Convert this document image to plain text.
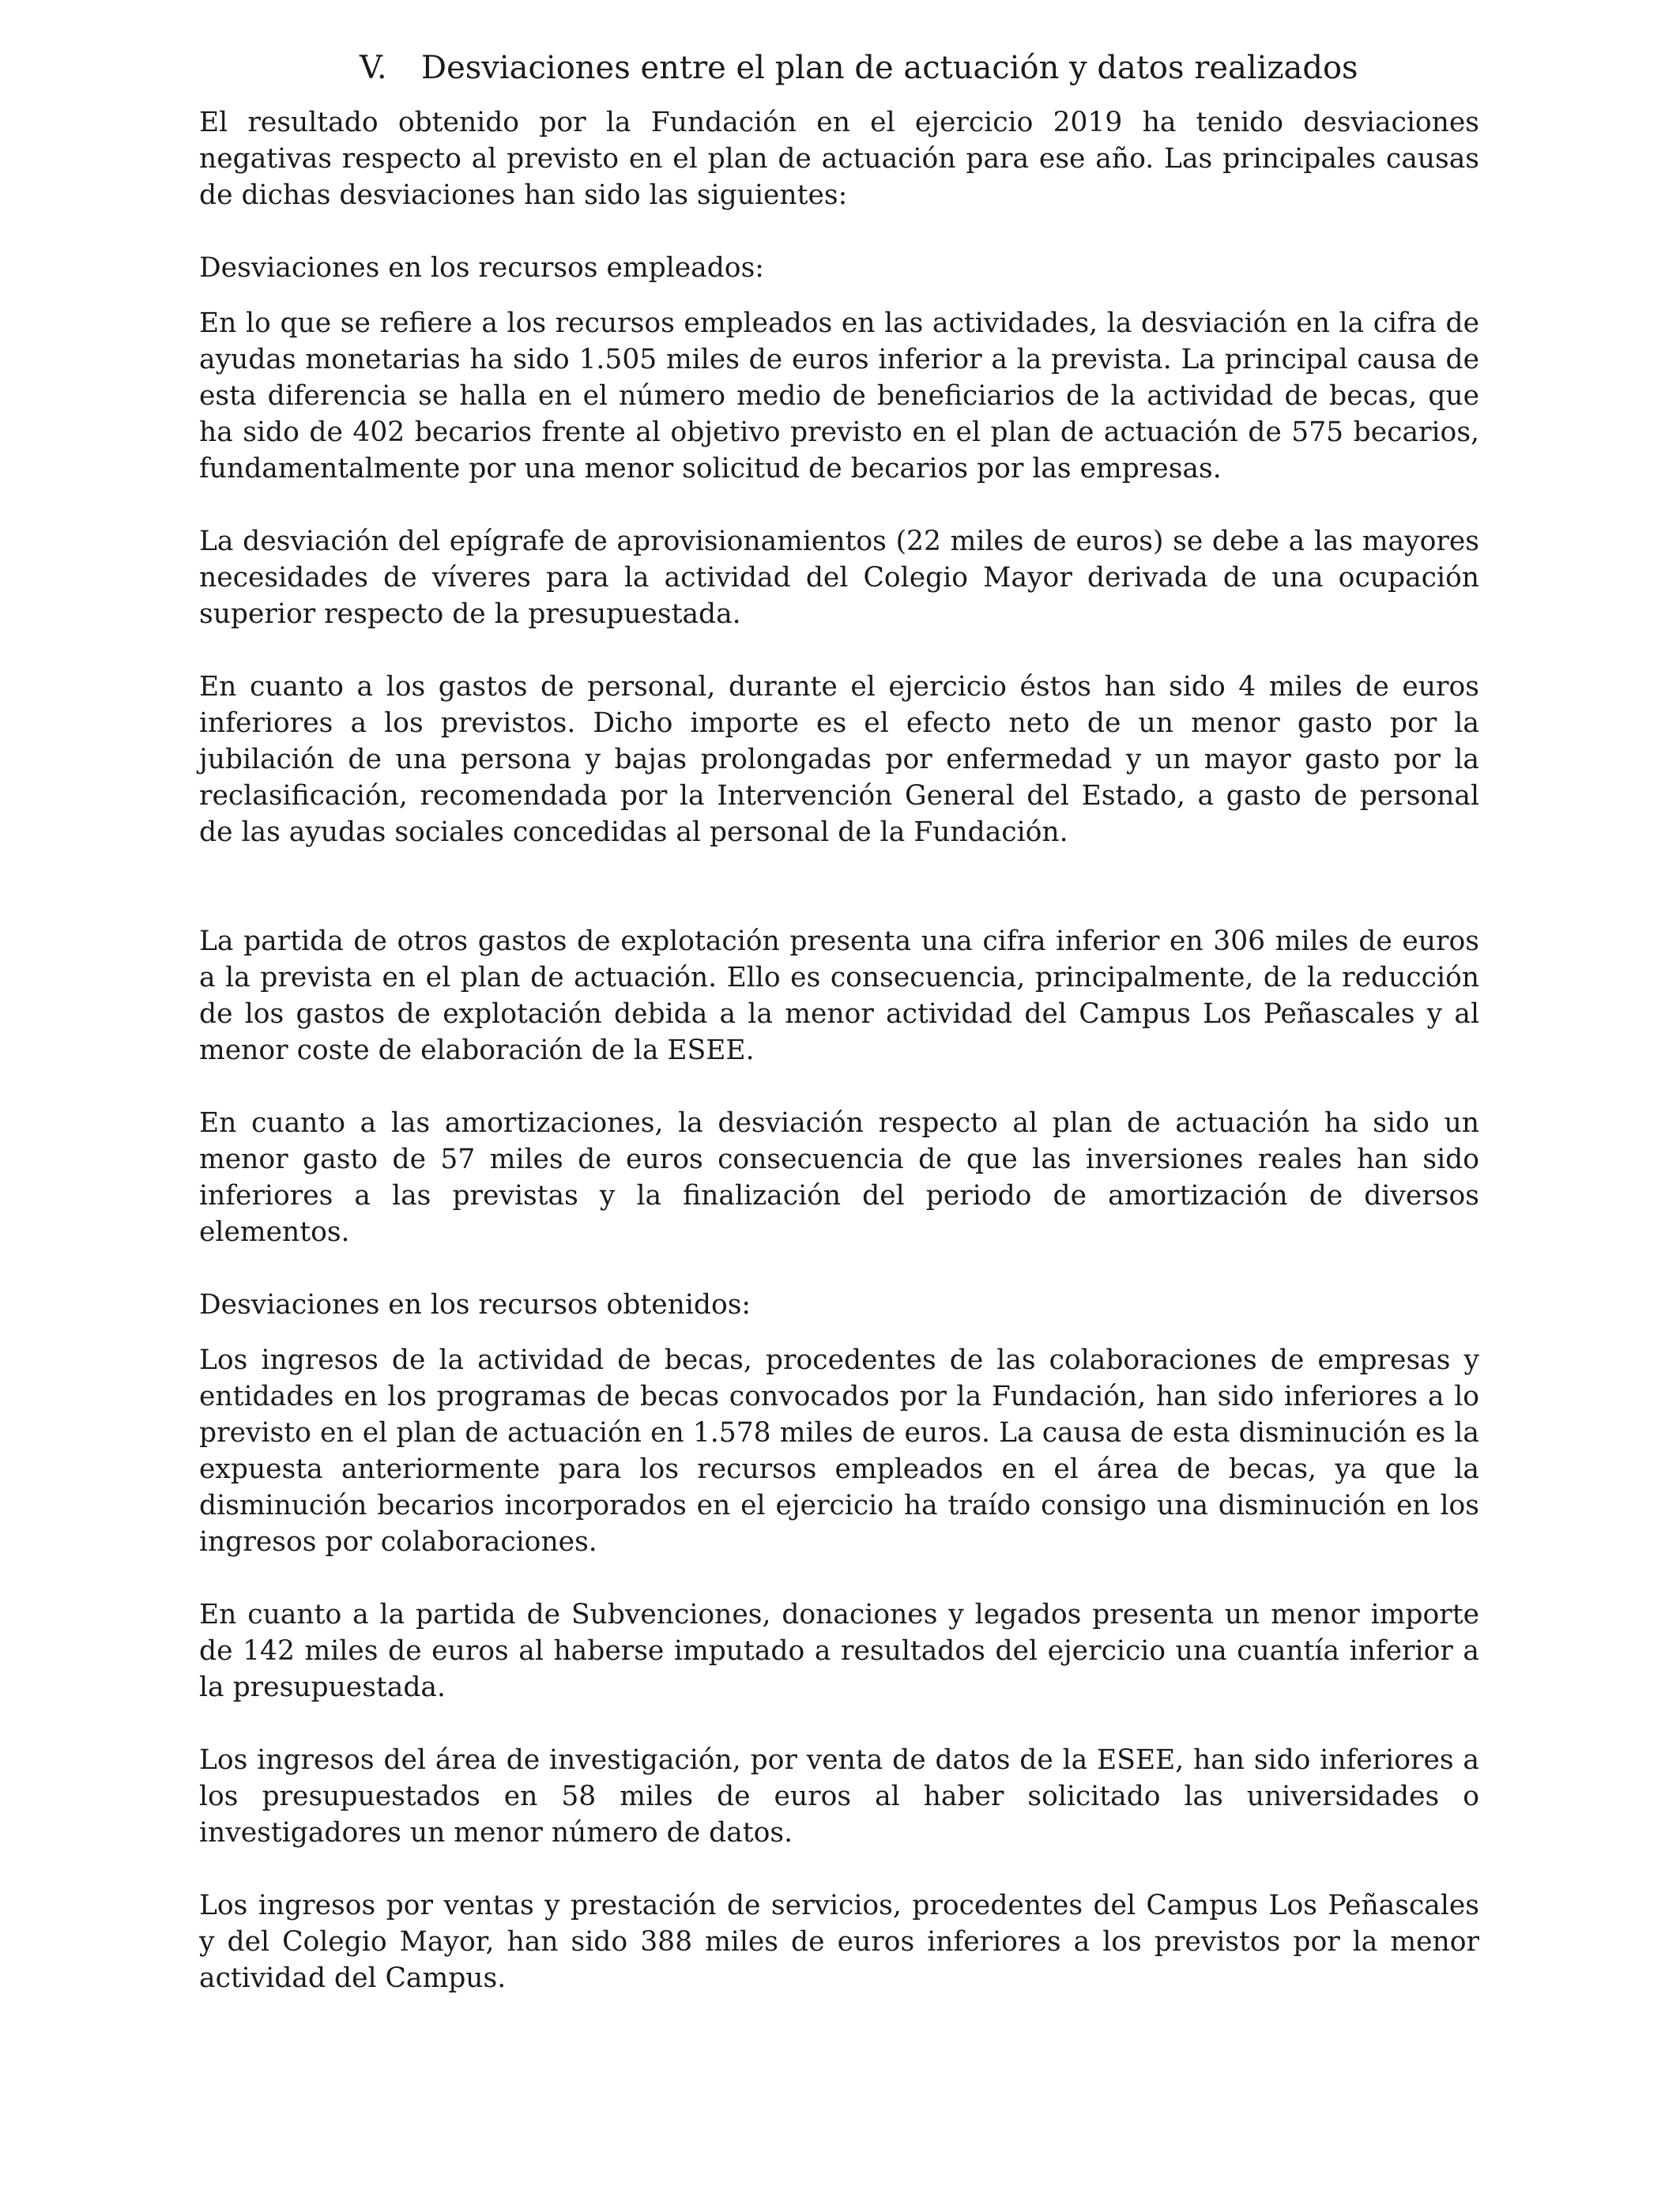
V. Desviaciones entre el plan de actuación y datos realizados

El resultado obtenido por la Fundación en el ejercicio 2019 ha tenido desviaciones negativas respecto al previsto en el plan de actuación para ese año. Las principales causas de dichas desviaciones han sido las siguientes:

Desviaciones en los recursos empleados:

En lo que se refiere a los recursos empleados en las actividades, la desviación en la cifra de ayudas monetarias ha sido 1.505 miles de euros inferior a la prevista. La principal causa de esta diferencia se halla en el número medio de beneficiarios de la actividad de becas, que ha sido de 402 becarios frente al objetivo previsto en el plan de actuación de 575 becarios, fundamentalmente por una menor solicitud de becarios por las empresas.

La desviación del epígrafe de aprovisionamientos (22 miles de euros) se debe a las mayores necesidades de víveres para la actividad del Colegio Mayor derivada de una ocupación superior respecto de la presupuestada.

En cuanto a los gastos de personal, durante el ejercicio éstos han sido 4 miles de euros inferiores a los previstos. Dicho importe es el efecto neto de un menor gasto por la jubilación de una persona y bajas prolongadas por enfermedad y un mayor gasto por la reclasificación, recomendada por la Intervención General del Estado, a gasto de personal de las ayudas sociales concedidas al personal de la Fundación.

La partida de otros gastos de explotación presenta una cifra inferior en 306 miles de euros a la prevista en el plan de actuación. Ello es consecuencia, principalmente, de la reducción de los gastos de explotación debida a la menor actividad del Campus Los Peñascales y al menor coste de elaboración de la ESEE.

En cuanto a las amortizaciones, la desviación respecto al plan de actuación ha sido un menor gasto de 57 miles de euros consecuencia de que las inversiones reales han sido inferiores a las previstas y la finalización del periodo de amortización de diversos elementos.

Desviaciones en los recursos obtenidos:

Los ingresos de la actividad de becas, procedentes de las colaboraciones de empresas y entidades en los programas de becas convocados por la Fundación, han sido inferiores a lo previsto en el plan de actuación en 1.578 miles de euros. La causa de esta disminución es la expuesta anteriormente para los recursos empleados en el área de becas, ya que la disminución becarios incorporados en el ejercicio ha traído consigo una disminución en los ingresos por colaboraciones.

En cuanto a la partida de Subvenciones, donaciones y legados presenta un menor importe de 142 miles de euros al haberse imputado a resultados del ejercicio una cuantía inferior a la presupuestada.

Los ingresos del área de investigación, por venta de datos de la ESEE, han sido inferiores a los presupuestados en 58 miles de euros al haber solicitado las universidades o investigadores un menor número de datos.

Los ingresos por ventas y prestación de servicios, procedentes del Campus Los Peñascales y del Colegio Mayor, han sido 388 miles de euros inferiores a los previstos por la menor actividad del Campus.
